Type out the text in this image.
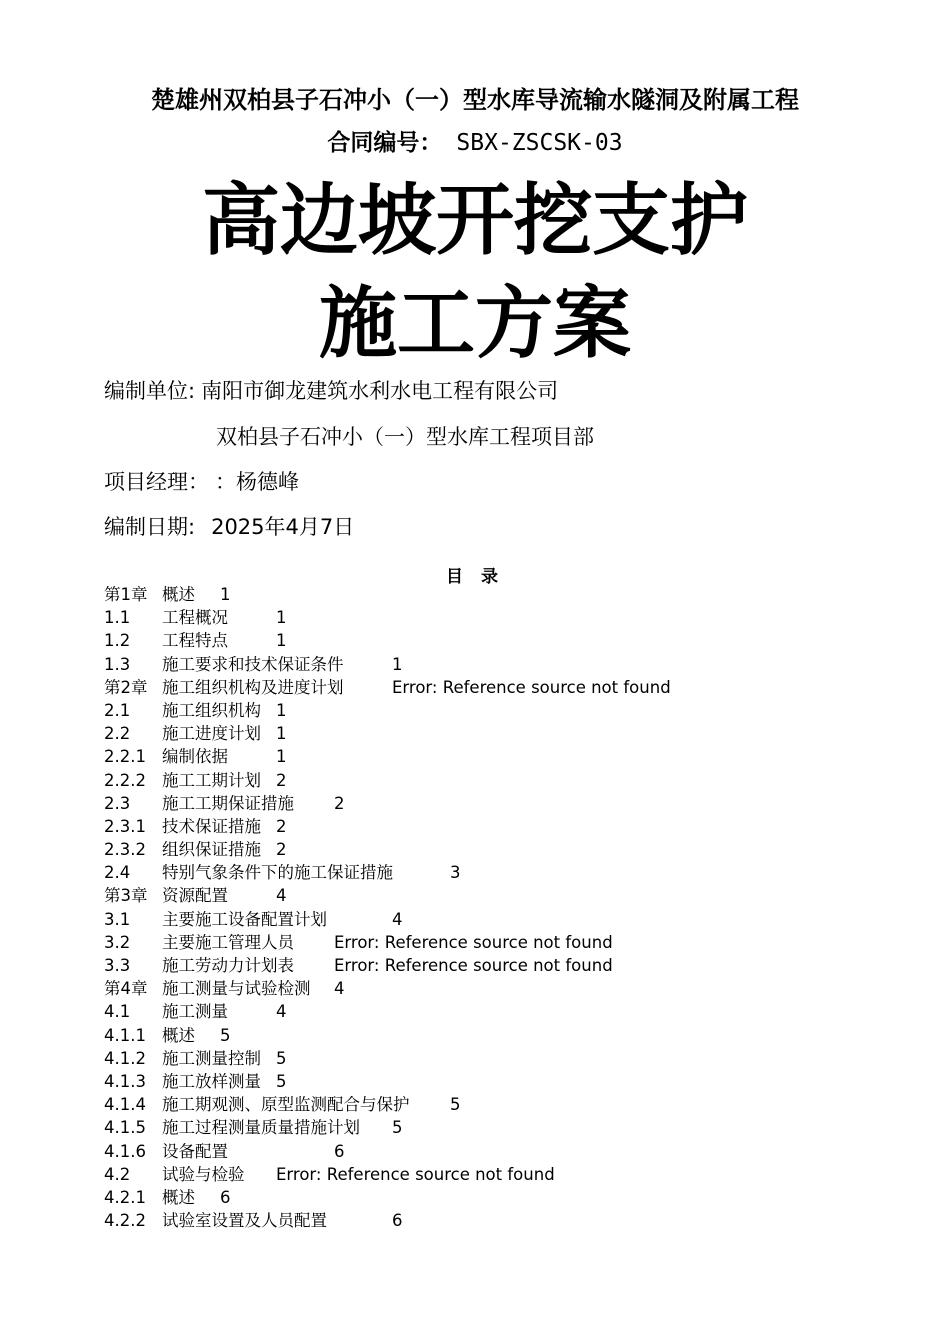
楚雄州双柏县子石冲小（一）型水库导流输水隧洞及附属工程
合同编号： SBX-ZSCSK-03
高边坡开挖支护
施工方案
编制单位: 南阳市御龙建筑水利水电工程有限公司
双柏县子石冲小（一）型水库工程项目部
项目经理： ：杨德峰
编制日期: 2025年4月7日
目 录
第1章 概述 1
1.1 工程概况	1
1.2 工程特点	1
1.3 施工要求和技术保证条件	1
第2章 施工组织机构及进度计划	Error: Reference source not found
2.1 施工组织机构 1
2.2 施工进度计划 1
2.2.1 编制依据	1
2.2.2 施工工期计划 2
2.3 施工工期保证措施 2
2.3.1 技术保证措施 2
2.3.2 组织保证措施 2
2.4 特别气象条件下的施工保证措施	3
第3章 资源配置	4
3.1 主要施工设备配置计划	4
3.2 主要施工管理人员 Error: Reference source not found
3.3 施工劳动力计划表 Error: Reference source not found
第4章 施工测量与试验检测 4
4.1 施工测量	4
4.1.1 概述 5
4.1.2 施工测量控制 5
4.1.3 施工放样测量 5
4.1.4 施工期观测、原型监测配合与保护 5
4.1.5 施工过程测量质量措施计划 5
4.1.6 设备配置	6
4.2 试验与检验 Error: Reference source not found
4.2.1 概述 6
4.2.2 试验室设置及人员配置	6
